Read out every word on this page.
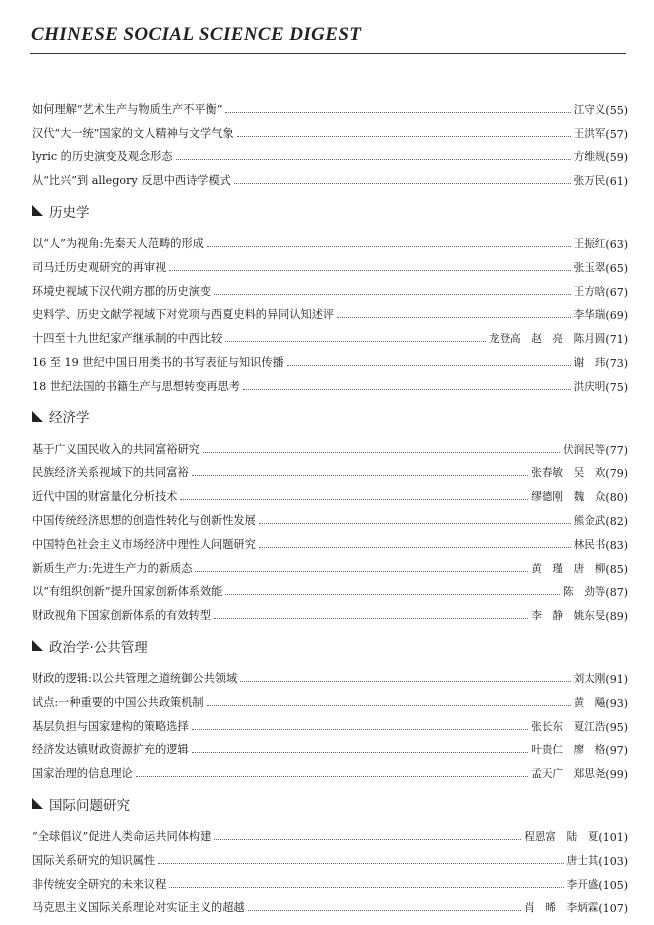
CHINESE SOCIAL SCIENCE DIGEST
如何理解“艺术生产与物质生产不平衡”	江守义 (55)
汉代“大一统”国家的文人精神与文学气象	王洪军 (57)
lyric 的历史演变及观念形态	方维规 (59)
从“比兴”到 allegory 反思中西诗学模式	张万民 (61)
历史学
以“人”为视角:先秦天人范畴的形成	王振红 (63)
司马迁历史观研究的再审视	张玉翠 (65)
环境史视域下汉代朔方郡的历史演变	王方晗 (67)
史料学、历史文献学视域下对党项与西夏史料的异同认知述评	李华瑞 (69)
十四至十九世纪家产继承制的中西比较	龙登高　赵　亮　陈月圆 (71)
16 至 19 世纪中国日用类书的书写表征与知识传播	谢　玮 (73)
18 世纪法国的书籍生产与思想转变再思考	洪庆明 (75)
经济学
基于广义国民收入的共同富裕研究	伏润民等 (77)
民族经济关系视域下的共同富裕	张春敏　吴　欢 (79)
近代中国的财富量化分析技术	缪德刚　魏　众 (80)
中国传统经济思想的创造性转化与创新性发展	熊金武 (82)
中国特色社会主义市场经济中理性人问题研究	林民书 (83)
新质生产力:先进生产力的新质态	黄　瑾　唐　柳 (85)
以“有组织创新”提升国家创新体系效能	陈　劲等 (87)
财政视角下国家创新体系的有效转型	李　静　姚东旻 (89)
政治学·公共管理
财政的逻辑:以公共管理之道统御公共领域	刘太刚 (91)
试点:一种重要的中国公共政策机制	黄　飚 (93)
基层负担与国家建构的策略选择	张长东　夏江浩 (95)
经济发达镇财政资源扩充的逻辑	叶贵仁　廖　格 (97)
国家治理的信息理论	孟天广　郑思尧 (99)
国际问题研究
“全球倡议”促进人类命运共同体构建	程恩富　陆　夏 (101)
国际关系研究的知识属性	唐士其 (103)
非传统安全研究的未来议程	李开盛 (105)
马克思主义国际关系理论对实证主义的超越	肖　晞　李炳霖 (107)
